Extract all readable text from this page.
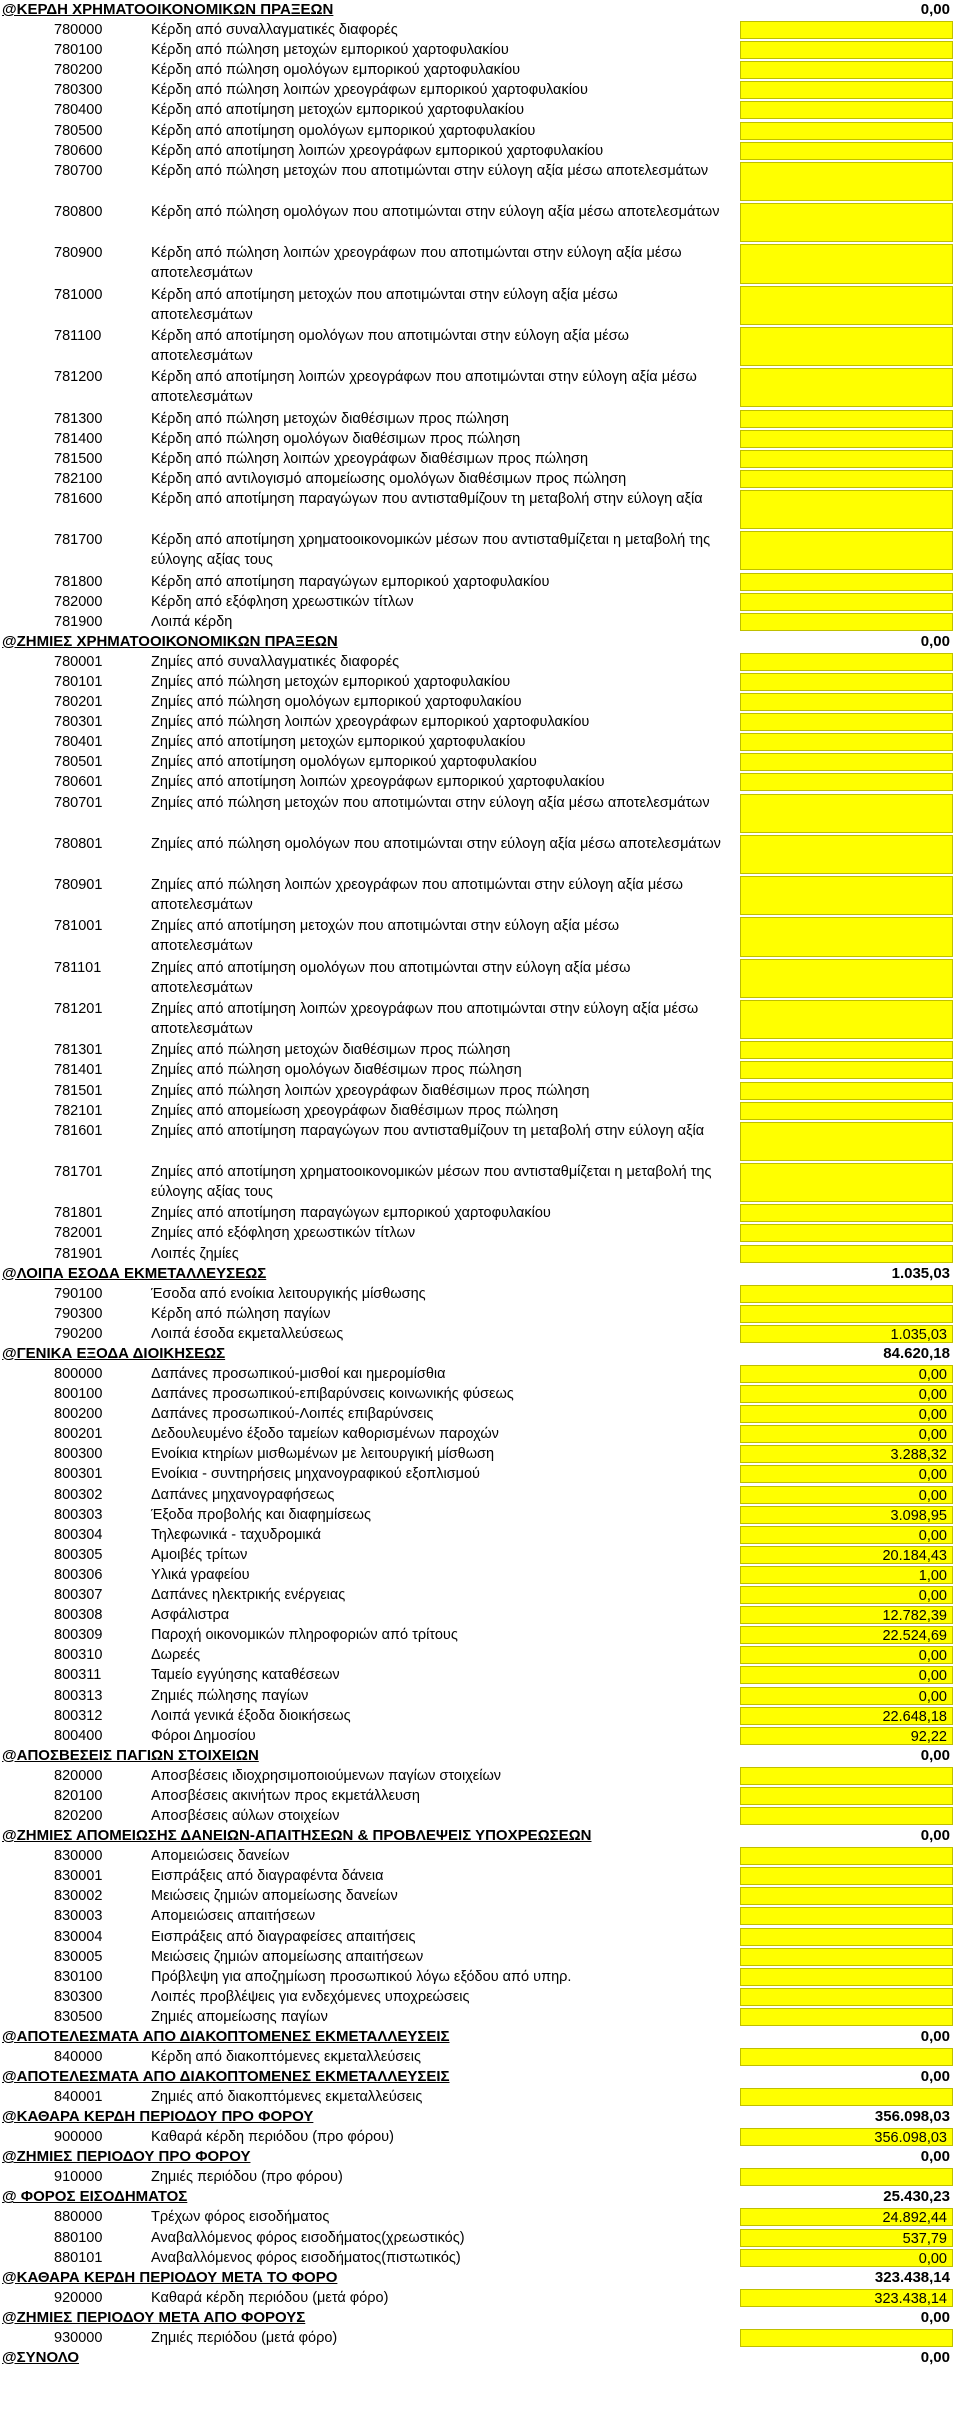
@ΚΕΡΔΗ ΧΡΗΜΑΤΟΟΙΚΟΝΟΜΙΚΩΝ ΠΡΑΞΕΩΝ	0,00
780000	Κέρδη από συναλλαγματικές διαφορές
780100	Κέρδη από πώληση μετοχών εμπορικού χαρτοφυλακίου
780200	Κέρδη από πώληση ομολόγων εμπορικού χαρτοφυλακίου
780300	Κέρδη από πώληση λοιπών χρεογράφων εμπορικού χαρτοφυλακίου
780400	Κέρδη από αποτίμηση μετοχών εμπορικού χαρτοφυλακίου
780500	Κέρδη από αποτίμηση ομολόγων εμπορικού χαρτοφυλακίου
780600	Κέρδη από αποτίμηση λοιπών χρεογράφων εμπορικού χαρτοφυλακίου
780700	Κέρδη από πώληση μετοχών που αποτιμώνται στην εύλογη αξία μέσω αποτελεσμάτων
780800	Κέρδη από πώληση ομολόγων που αποτιμώνται στην εύλογη αξία μέσω αποτελεσμάτων
780900	Κέρδη από πώληση λοιπών χρεογράφων που αποτιμώνται στην εύλογη αξία μέσω αποτελεσμάτων
781000	Κέρδη από αποτίμηση μετοχών που αποτιμώνται στην εύλογη αξία μέσω αποτελεσμάτων
781100	Κέρδη από αποτίμηση ομολόγων που αποτιμώνται στην εύλογη αξία μέσω αποτελεσμάτων
781200	Κέρδη από αποτίμηση λοιπών χρεογράφων που αποτιμώνται στην εύλογη αξία μέσω αποτελεσμάτων
781300	Κέρδη από πώληση μετοχών διαθέσιμων προς πώληση
781400	Κέρδη από πώληση ομολόγων διαθέσιμων προς πώληση
781500	Κέρδη από πώληση λοιπών χρεογράφων διαθέσιμων προς πώληση
782100	Κέρδη από αντιλογισμό απομείωσης ομολόγων διαθέσιμων προς πώληση
781600	Κέρδη από αποτίμηση παραγώγων που αντισταθμίζουν τη μεταβολή στην εύλογη αξία
781700	Κέρδη από αποτίμηση χρηματοοικονομικών μέσων που αντισταθμίζεται η μεταβολή της εύλογης αξίας τους
781800	Κέρδη από αποτίμηση παραγώγων εμπορικού χαρτοφυλακίου
782000	Κέρδη από εξόφληση χρεωστικών τίτλων
781900	Λοιπά κέρδη
@ΖΗΜΙΕΣ ΧΡΗΜΑΤΟΟΙΚΟΝΟΜΙΚΩΝ ΠΡΑΞΕΩΝ	0,00
780001	Ζημίες από συναλλαγματικές διαφορές
780101	Ζημίες από πώληση μετοχών εμπορικού χαρτοφυλακίου
780201	Ζημίες από πώληση ομολόγων εμπορικού χαρτοφυλακίου
780301	Ζημίες από πώληση λοιπών χρεογράφων εμπορικού χαρτοφυλακίου
780401	Ζημίες από αποτίμηση μετοχών εμπορικού χαρτοφυλακίου
780501	Ζημίες από αποτίμηση ομολόγων εμπορικού χαρτοφυλακίου
780601	Ζημίες από αποτίμηση λοιπών χρεογράφων εμπορικού χαρτοφυλακίου
780701	Ζημίες από πώληση μετοχών που αποτιμώνται στην εύλογη αξία μέσω αποτελεσμάτων
780801	Ζημίες από πώληση ομολόγων που αποτιμώνται στην εύλογη αξία μέσω αποτελεσμάτων
780901	Ζημίες από πώληση λοιπών χρεογράφων που αποτιμώνται στην εύλογη αξία μέσω αποτελεσμάτων
781001	Ζημίες από αποτίμηση μετοχών που αποτιμώνται στην εύλογη αξία μέσω αποτελεσμάτων
781101	Ζημίες από αποτίμηση ομολόγων που αποτιμώνται στην εύλογη αξία μέσω αποτελεσμάτων
781201	Ζημίες από αποτίμηση λοιπών χρεογράφων που αποτιμώνται στην εύλογη αξία μέσω αποτελεσμάτων
781301	Ζημίες από πώληση μετοχών διαθέσιμων προς πώληση
781401	Ζημίες από πώληση ομολόγων διαθέσιμων προς πώληση
781501	Ζημίες από πώληση λοιπών χρεογράφων διαθέσιμων προς πώληση
782101	Ζημίες από απομείωση χρεογράφων διαθέσιμων προς πώληση
781601	Ζημίες από αποτίμηση παραγώγων που αντισταθμίζουν τη μεταβολή στην εύλογη αξία
781701	Ζημίες από αποτίμηση χρηματοοικονομικών μέσων που αντισταθμίζεται η μεταβολή της εύλογης αξίας τους
781801	Ζημίες από αποτίμηση παραγώγων εμπορικού χαρτοφυλακίου
782001	Ζημίες από εξόφληση χρεωστικών τίτλων
781901	Λοιπές ζημίες
@ΛΟΙΠΑ ΕΣΟΔΑ ΕΚΜΕΤΑΛΛΕΥΣΕΩΣ	1.035,03
790100	Έσοδα από ενοίκια λειτουργικής μίσθωσης
790300	Κέρδη από πώληση παγίων
790200	Λοιπά έσοδα εκμεταλλεύσεως	1.035,03
@ΓΕΝΙΚΑ ΕΞΟΔΑ ΔΙΟΙΚΗΣΕΩΣ	84.620,18
800000	Δαπάνες προσωπικού-μισθοί και ημερομίσθια	0,00
800100	Δαπάνες προσωπικού-επιβαρύνσεις κοινωνικής φύσεως	0,00
800200	Δαπάνες προσωπικού-Λοιπές επιβαρύνσεις	0,00
800201	Δεδουλευμένο έξοδο ταμείων καθορισμένων παροχών	0,00
800300	Ενοίκια κτηρίων μισθωμένων με λειτουργική μίσθωση	3.288,32
800301	Ενοίκια - συντηρήσεις μηχανογραφικού εξοπλισμού	0,00
800302	Δαπάνες μηχανογραφήσεως	0,00
800303	Έξοδα προβολής και διαφημίσεως	3.098,95
800304	Τηλεφωνικά - ταχυδρομικά	0,00
800305	Αμοιβές τρίτων	20.184,43
800306	Υλικά γραφείου	1,00
800307	Δαπάνες ηλεκτρικής ενέργειας	0,00
800308	Ασφάλιστρα	12.782,39
800309	Παροχή οικονομικών πληροφοριών από τρίτους	22.524,69
800310	Δωρεές	0,00
800311	Ταμείο εγγύησης καταθέσεων	0,00
800313	Ζημιές πώλησης παγίων	0,00
800312	Λοιπά γενικά έξοδα διοικήσεως	22.648,18
800400	Φόροι Δημοσίου	92,22
@ΑΠΟΣΒΕΣΕΙΣ ΠΑΓΙΩΝ ΣΤΟΙΧΕΙΩΝ	0,00
820000	Αποσβέσεις ιδιοχρησιμοποιούμενων παγίων στοιχείων
820100	Αποσβέσεις ακινήτων προς εκμετάλλευση
820200	Αποσβέσεις αύλων στοιχείων
@ΖΗΜΙΕΣ ΑΠΟΜΕΙΩΣΗΣ ΔΑΝΕΙΩΝ-ΑΠΑΙΤΗΣΕΩΝ & ΠΡΟΒΛΕΨΕΙΣ ΥΠΟΧΡΕΩΣΕΩΝ	0,00
830000	Απομειώσεις δανείων
830001	Εισπράξεις από διαγραφέντα δάνεια
830002	Μειώσεις ζημιών απομείωσης δανείων
830003	Απομειώσεις απαιτήσεων
830004	Εισπράξεις από διαγραφείσες απαιτήσεις
830005	Μειώσεις ζημιών απομείωσης απαιτήσεων
830100	Πρόβλεψη για αποζημίωση προσωπικού λόγω εξόδου από υπηρ.
830300	Λοιπές προβλέψεις για ενδεχόμενες υποχρεώσεις
830500	Ζημιές απομείωσης παγίων
@ΑΠΟΤΕΛΕΣΜΑΤΑ ΑΠΟ ΔΙΑΚΟΠΤΟΜΕΝΕΣ ΕΚΜΕΤΑΛΛΕΥΣΕΙΣ	0,00
840000	Κέρδη από διακοπτόμενες εκμεταλλεύσεις
@ΑΠΟΤΕΛΕΣΜΑΤΑ ΑΠΟ ΔΙΑΚΟΠΤΟΜΕΝΕΣ ΕΚΜΕΤΑΛΛΕΥΣΕΙΣ	0,00
840001	Ζημιές από διακοπτόμενες εκμεταλλεύσεις
@ΚΑΘΑΡΑ ΚΕΡΔΗ ΠΕΡΙΟΔΟΥ ΠΡΟ ΦΟΡΟΥ	356.098,03
900000	Καθαρά κέρδη περιόδου (προ φόρου)	356.098,03
@ΖΗΜΙΕΣ ΠΕΡΙΟΔΟΥ ΠΡΟ ΦΟΡΟΥ	0,00
910000	Ζημιές περιόδου (προ φόρου)
@ ΦΟΡΟΣ ΕΙΣΟΔΗΜΑΤΟΣ	25.430,23
880000	Τρέχων φόρος εισοδήματος	24.892,44
880100	Αναβαλλόμενος φόρος εισοδήματος(χρεωστικός)	537,79
880101	Αναβαλλόμενος φόρος εισοδήματος(πιστωτικός)	0,00
@ΚΑΘΑΡΑ ΚΕΡΔΗ ΠΕΡΙΟΔΟΥ ΜΕΤΑ ΤΟ ΦΟΡΟ	323.438,14
920000	Καθαρά κέρδη περιόδου (μετά φόρο)	323.438,14
@ΖΗΜΙΕΣ ΠΕΡΙΟΔΟΥ ΜΕΤΑ ΑΠΟ ΦΟΡΟΥΣ	0,00
930000	Ζημιές περιόδου (μετά φόρο)
@ΣΥΝΟΛΟ	0,00
